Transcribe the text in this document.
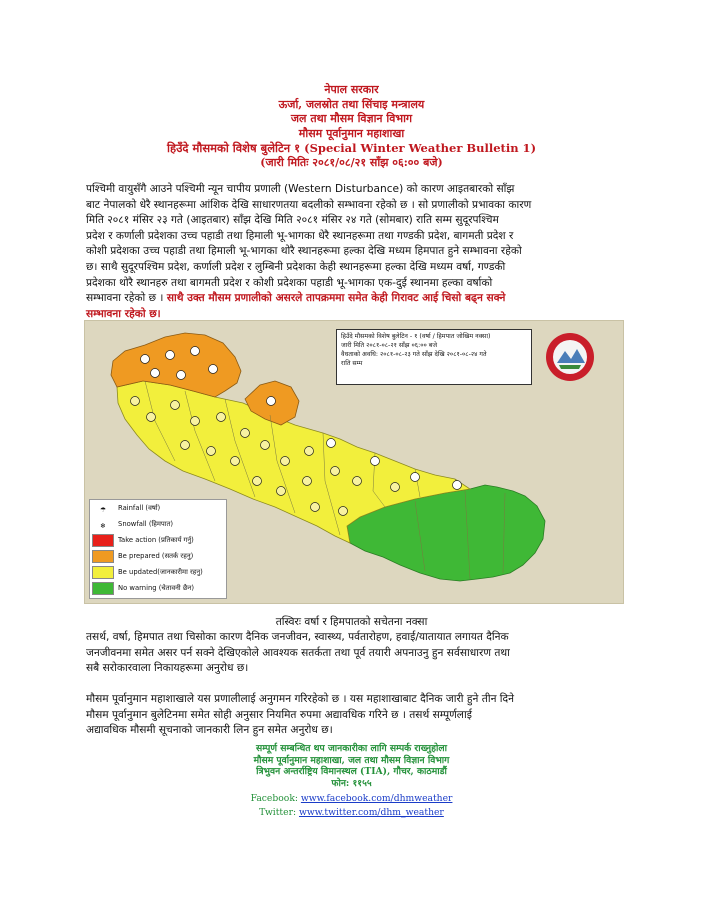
नेपाल सरकार
ऊर्जा, जलस्रोत तथा सिंचाइ मन्त्रालय
जल तथा मौसम विज्ञान विभाग
मौसम पूर्वानुमान महाशाखा
हिउँदे मौसमको विशेष बुलेटिन १ (Special Winter Weather Bulletin 1)
(जारी मितिः २०८१/०८/२१ साँझ ०६:०० बजे)
पश्चिमी वायुसँगै आउने पश्चिमी न्यून चापीय प्रणाली (Western Disturbance) को कारण आइतबारको साँझ
बाट नेपालको धेरै स्थानहरूमा आंशिक देखि साधारणतया बदलीको सम्भावना रहेको छ । सो प्रणालीको प्रभावका कारण
मिति २०८१ मंसिर २३ गते (आइतबार) साँझ देखि मिति २०८१ मंसिर २४ गते (सोमबार) राति सम्म सुदूरपश्चिम
प्रदेश र कर्णाली प्रदेशका उच्च पहाडी तथा हिमाली भू-भागका धेरै स्थानहरूमा तथा गण्डकी प्रदेश, बागमती प्रदेश र
कोशी प्रदेशका उच्च पहाडी तथा हिमाली भू-भागका थोरै स्थानहरूमा हल्का देखि मध्यम हिमपात हुने सम्भावना रहेको
छ। साथै सुदूरपश्चिम प्रदेश, कर्णाली प्रदेश र लुम्बिनी प्रदेशका केही स्थानहरूमा हल्का देखि मध्यम वर्षा, गण्डकी
प्रदेशका थोरै स्थानहरु तथा बागमती प्रदेश र कोशी प्रदेशका पहाडी भू-भागका एक-दुई स्थानमा हल्का वर्षाको
सम्भावना रहेको छ । साथै उक्त मौसम प्रणालीको असरले तापक्रममा समेत केही गिरावट आई चिसो बढ्न सक्ने
सम्भावना रहेको छ।
हिउँदे मौसमको विशेष बुलेटिन - १ (वर्षा / हिमपात जोखिम नक्सा)
जारी मिति २०८१-०८-२१ साँझ ०६:०० बजे
वैधताको अवधि: २०८१-०८-२३ गते साँझ देखि २०८१-०८-२४ गते
राति सम्म
☂ Rainfall (वर्षा)
❄ Snowfall (हिमपात)
Take action (प्रतिकार्य गर्नु)
Be prepared (सतर्क रहनु)
Be updated(जानकारीमा रहनु)
No warning (चेतावनी छैन)
तस्विरः वर्षा र हिमपातको सचेतना नक्सा
तसर्थ, वर्षा, हिमपात तथा चिसोका कारण दैनिक जनजीवन, स्वास्थ्य, पर्वतारोहण, हवाई/यातायात लगायत दैनिक
जनजीवनमा समेत असर पर्न सक्ने देखिएकोले आवश्यक सतर्कता तथा पूर्व तयारी अपनाउनु हुन सर्वसाधारण तथा
सबै सरोकारवाला निकायहरूमा अनुरोध छ।
मौसम पूर्वानुमान महाशाखाले यस प्रणालीलाई अनुगमन गरिरहेको छ । यस महाशाखाबाट दैनिक जारी हुने तीन दिने
मौसम पूर्वानुमान बुलेटिनमा समेत सोही अनुसार नियमित रुपमा अद्यावधिक गरिने छ । तसर्थ सम्पूर्णलाई
अद्यावधिक मौसमी सूचनाको जानकारी लिन हुन समेत अनुरोध छ।
सम्पूर्ण सम्बन्धित थप जानकारीका लागि सम्पर्क राख्नुहोला
मौसम पूर्वानुमान महाशाखा, जल तथा मौसम विज्ञान विभाग
त्रिभुवन अन्तर्राष्ट्रिय विमानस्थल (TIA), गौचर, काठमाडौं
फोन: ११५५
Facebook: www.facebook.com/dhmweather
Twitter: www.twitter.com/dhm_weather
